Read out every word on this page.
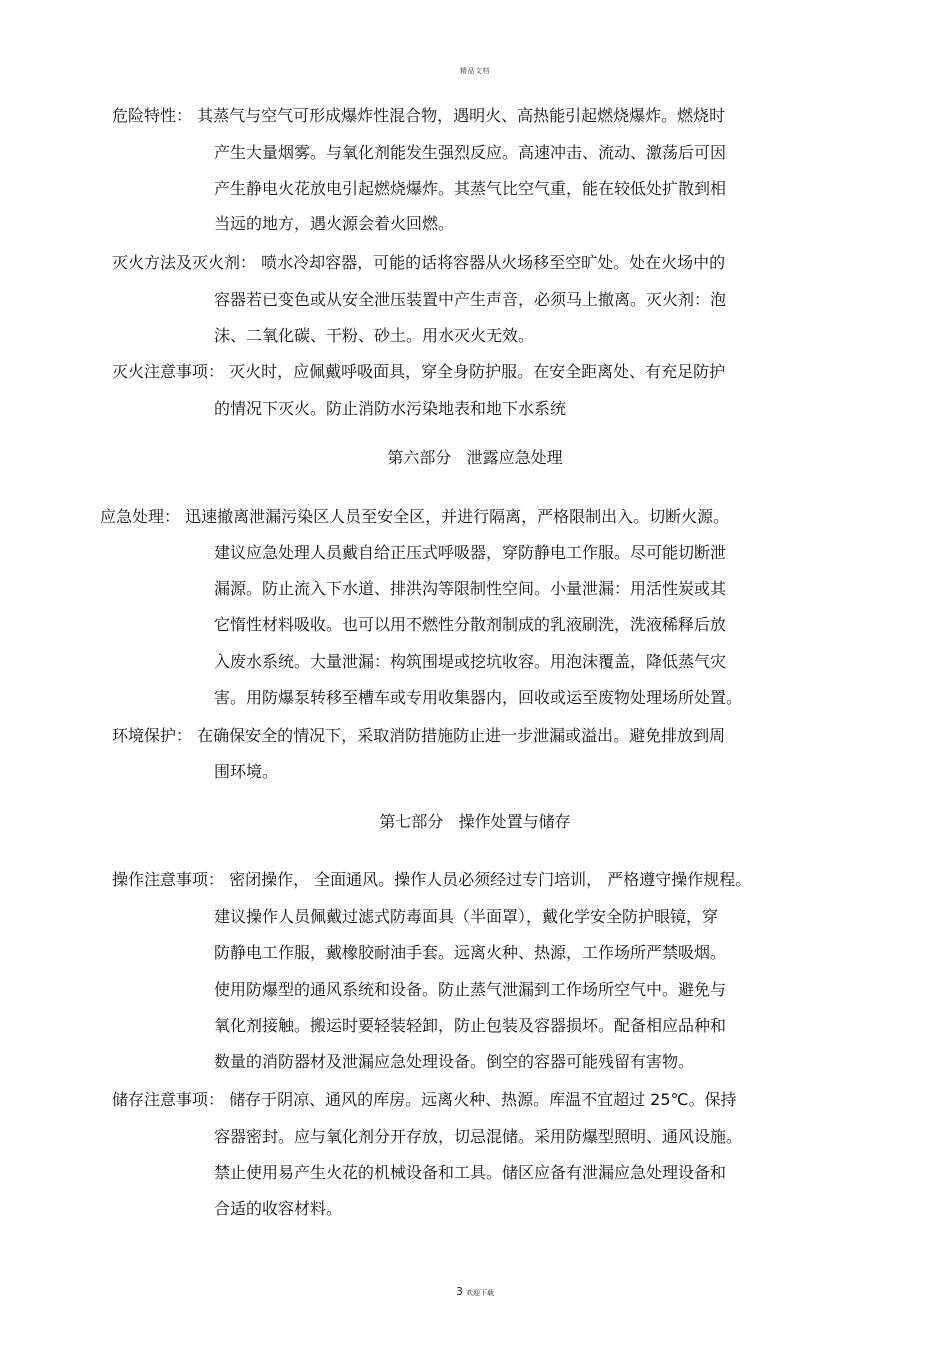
精品文档
危险特性： 其蒸气与空气可形成爆炸性混合物，遇明火、高热能引起燃烧爆炸。燃烧时
产生大量烟雾。与氧化剂能发生强烈反应。高速冲击、流动、激荡后可因
产生静电火花放电引起燃烧爆炸。其蒸气比空气重，能在较低处扩散到相
当远的地方，遇火源会着火回燃。
灭火方法及灭火剂： 喷水冷却容器，可能的话将容器从火场移至空旷处。处在火场中的
容器若已变色或从安全泄压装置中产生声音，必须马上撤离。灭火剂：泡
沫、二氧化碳、干粉、砂土。用水灭火无效。
灭火注意事项： 灭火时，应佩戴呼吸面具，穿全身防护服。在安全距离处、有充足防护
的情况下灭火。防止消防水污染地表和地下水系统
第六部分   泄露应急处理
应急处理： 迅速撤离泄漏污染区人员至安全区，并进行隔离，严格限制出入。切断火源。
建议应急处理人员戴自给正压式呼吸器，穿防静电工作服。尽可能切断泄
漏源。防止流入下水道、排洪沟等限制性空间。小量泄漏：用活性炭或其
它惰性材料吸收。也可以用不燃性分散剂制成的乳液刷洗，洗液稀释后放
入废水系统。大量泄漏：构筑围堤或挖坑收容。用泡沫覆盖，降低蒸气灾
害。用防爆泵转移至槽车或专用收集器内，回收或运至废物处理场所处置。
环境保护： 在确保安全的情况下，采取消防措施防止进一步泄漏或溢出。避免排放到周
围环境。
第七部分   操作处置与储存
操作注意事项： 密闭操作， 全面通风。操作人员必须经过专门培训， 严格遵守操作规程。
建议操作人员佩戴过滤式防毒面具（半面罩），戴化学安全防护眼镜，穿
防静电工作服，戴橡胶耐油手套。远离火种、热源，工作场所严禁吸烟。
使用防爆型的通风系统和设备。防止蒸气泄漏到工作场所空气中。避免与
氧化剂接触。搬运时要轻装轻卸，防止包装及容器损坏。配备相应品种和
数量的消防器材及泄漏应急处理设备。倒空的容器可能残留有害物。
储存注意事项： 储存于阴凉、通风的库房。远离火种、热源。库温不宜超过 25℃。保持
容器密封。应与氧化剂分开存放，切忌混储。采用防爆型照明、通风设施。
禁止使用易产生火花的机械设备和工具。储区应备有泄漏应急处理设备和
合适的收容材料。
3 欢迎下载
